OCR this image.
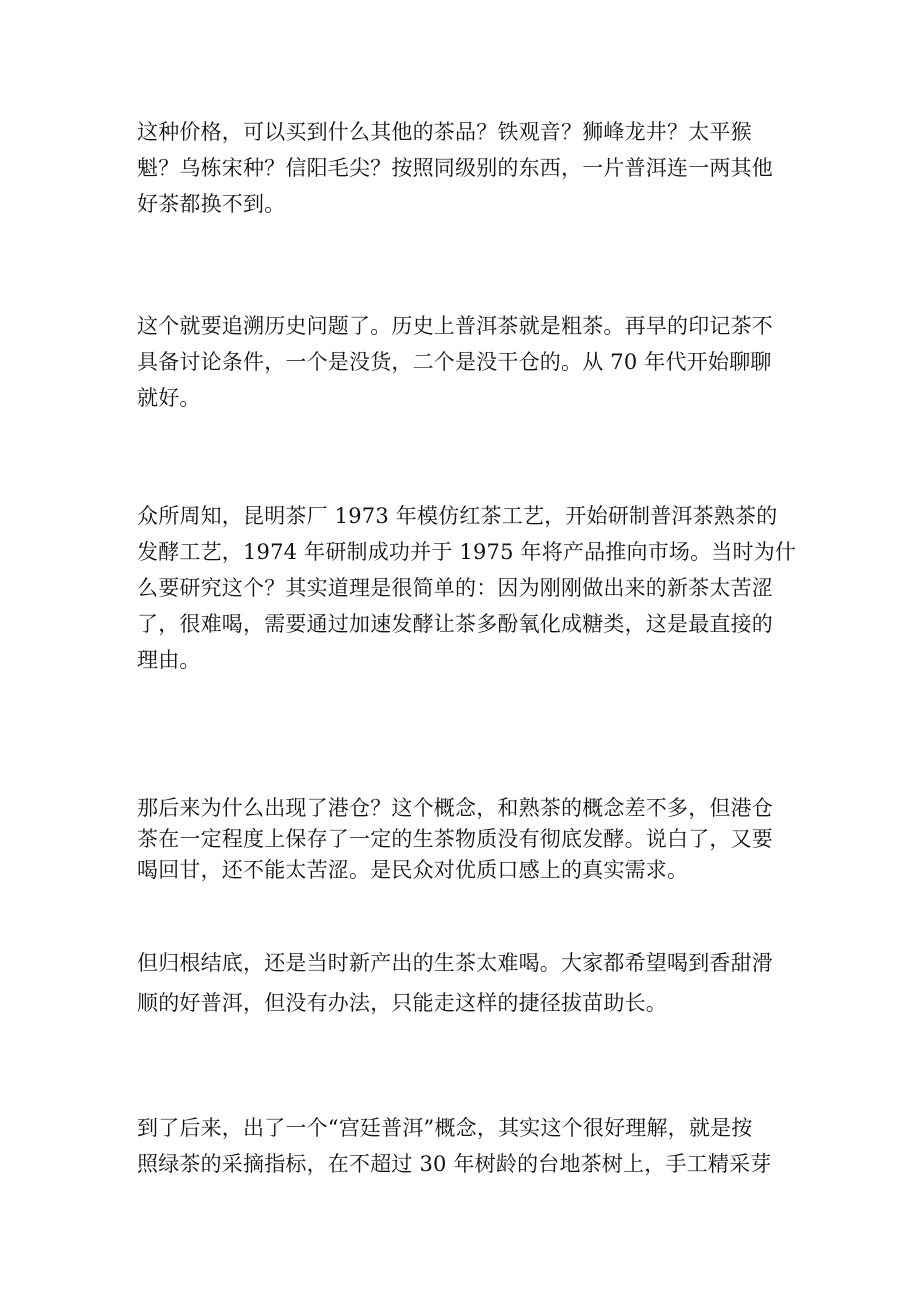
这种价格，可以买到什么其他的茶品？铁观音？狮峰龙井？太平猴
魁？乌栋宋种？信阳毛尖？按照同级别的东西，一片普洱连一两其他
好茶都换不到。
这个就要追溯历史问题了。历史上普洱茶就是粗茶。再早的印记茶不
具备讨论条件，一个是没货，二个是没干仓的。从 70 年代开始聊聊
就好。
众所周知，昆明茶厂 1973 年模仿红茶工艺，开始研制普洱茶熟茶的
发酵工艺，1974 年研制成功并于 1975 年将产品推向市场。当时为什
么要研究这个？其实道理是很简单的：因为刚刚做出来的新茶太苦涩
了，很难喝，需要通过加速发酵让茶多酚氧化成糖类，这是最直接的
理由。
那后来为什么出现了港仓？这个概念，和熟茶的概念差不多，但港仓
茶在一定程度上保存了一定的生茶物质没有彻底发酵。说白了，又要
喝回甘，还不能太苦涩。是民众对优质口感上的真实需求。
但归根结底，还是当时新产出的生茶太难喝。大家都希望喝到香甜滑
顺的好普洱，但没有办法，只能走这样的捷径拔苗助长。
到了后来，出了一个“宫廷普洱”概念，其实这个很好理解，就是按
照绿茶的采摘指标，在不超过 30 年树龄的台地茶树上，手工精采芽
